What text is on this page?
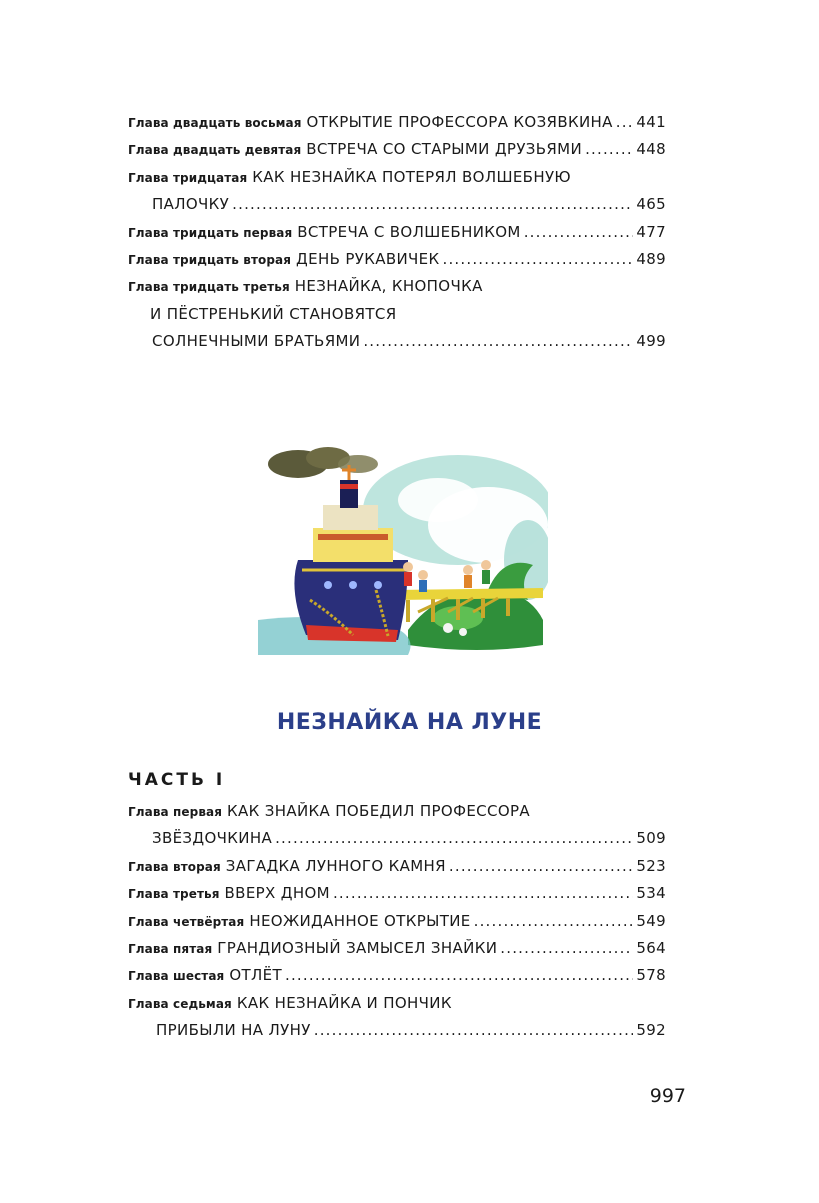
Глава двадцать восьмая ОТКРЫТИЕ ПРОФЕССОРА КОЗЯВКИНА ..... 441
Глава двадцать девятая ВСТРЕЧА СО СТАРЫМИ ДРУЗЬЯМИ .....	448
Глава тридцатая КАК НЕЗНАЙКА ПОТЕРЯЛ ВОЛШЕБНУЮ
ПАЛОЧКУ .....	465
Глава тридцать первая ВСТРЕЧА С ВОЛШЕБНИКОМ .....	477
Глава тридцать вторая ДЕНЬ РУКАВИЧЕК .....	489
Глава тридцать третья НЕЗНАЙКА, КНОПОЧКА
И ПЁСТРЕНЬКИЙ СТАНОВЯТСЯ
СОЛНЕЧНЫМИ БРАТЬЯМИ .....	499
НЕЗНАЙКА НА ЛУНЕ
ЧАСТЬ I
Глава первая КАК ЗНАЙКА ПОБЕДИЛ ПРОФЕССОРА
ЗВЁЗДОЧКИНА .....	509
Глава вторая ЗАГАДКА ЛУННОГО КАМНЯ .....	523
Глава третья ВВЕРХ ДНОМ .....	534
Глава четвёртая НЕОЖИДАННОЕ ОТКРЫТИЕ .....	549
Глава пятая ГРАНДИОЗНЫЙ ЗАМЫСЕЛ ЗНАЙКИ .....	564
Глава шестая ОТЛЁТ .....	578
Глава седьмая КАК НЕЗНАЙКА И ПОНЧИК
ПРИБЫЛИ НА ЛУНУ .....	592
997
